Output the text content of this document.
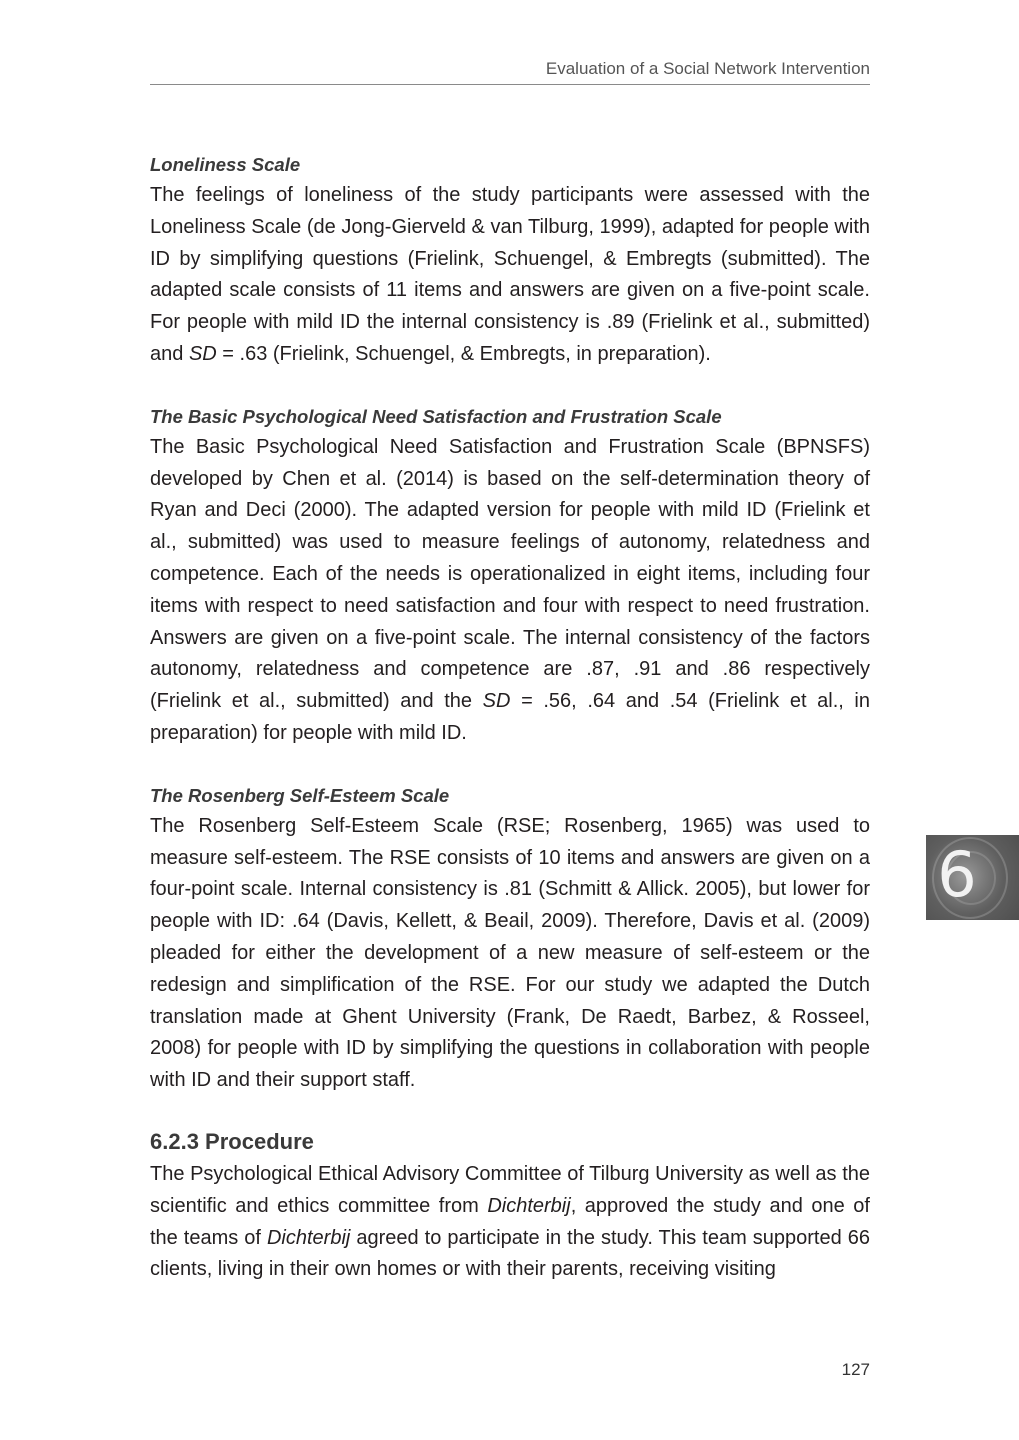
Evaluation of a Social Network Intervention
Loneliness Scale

The feelings of loneliness of the study participants were assessed with the Loneliness Scale (de Jong-Gierveld & van Tilburg, 1999), adapted for people with ID by simplifying questions (Frielink, Schuengel, & Embregts (submitted). The adapted scale consists of 11 items and answers are given on a five-point scale. For people with mild ID the internal consistency is .89 (Frielink et al., submitted) and SD = .63 (Frielink, Schuengel, & Embregts, in preparation).

The Basic Psychological Need Satisfaction and Frustration Scale

The Basic Psychological Need Satisfaction and Frustration Scale (BPNSFS) developed by Chen et al. (2014) is based on the self-determination theory of Ryan and Deci (2000). The adapted version for people with mild ID (Frielink et al., submitted) was used to measure feelings of autonomy, relatedness and competence. Each of the needs is operationalized in eight items, including four items with respect to need satisfaction and four with respect to need frustration. Answers are given on a five-point scale. The internal consistency of the factors autonomy, relatedness and competence are .87, .91 and .86 respectively (Frielink et al., submitted) and the SD = .56, .64 and .54 (Frielink et al., in preparation) for people with mild ID.

The Rosenberg Self-Esteem Scale

The Rosenberg Self-Esteem Scale (RSE; Rosenberg, 1965) was used to measure self-esteem. The RSE consists of 10 items and answers are given on a four-point scale. Internal consistency is .81 (Schmitt & Allick. 2005), but lower for people with ID: .64 (Davis, Kellett, & Beail, 2009). Therefore, Davis et al. (2009) pleaded for either the development of a new measure of self-esteem or the redesign and simplification of the RSE. For our study we adapted the Dutch translation made at Ghent University (Frank, De Raedt, Barbez, & Rosseel, 2008) for people with ID by simplifying the questions in collaboration with people with ID and their support staff.

6.2.3 Procedure

The Psychological Ethical Advisory Committee of Tilburg University as well as the scientific and ethics committee from Dichterbij, approved the study and one of the teams of Dichterbij agreed to participate in the study. This team supported 66 clients, living in their own homes or with their parents, receiving visiting

6
127
